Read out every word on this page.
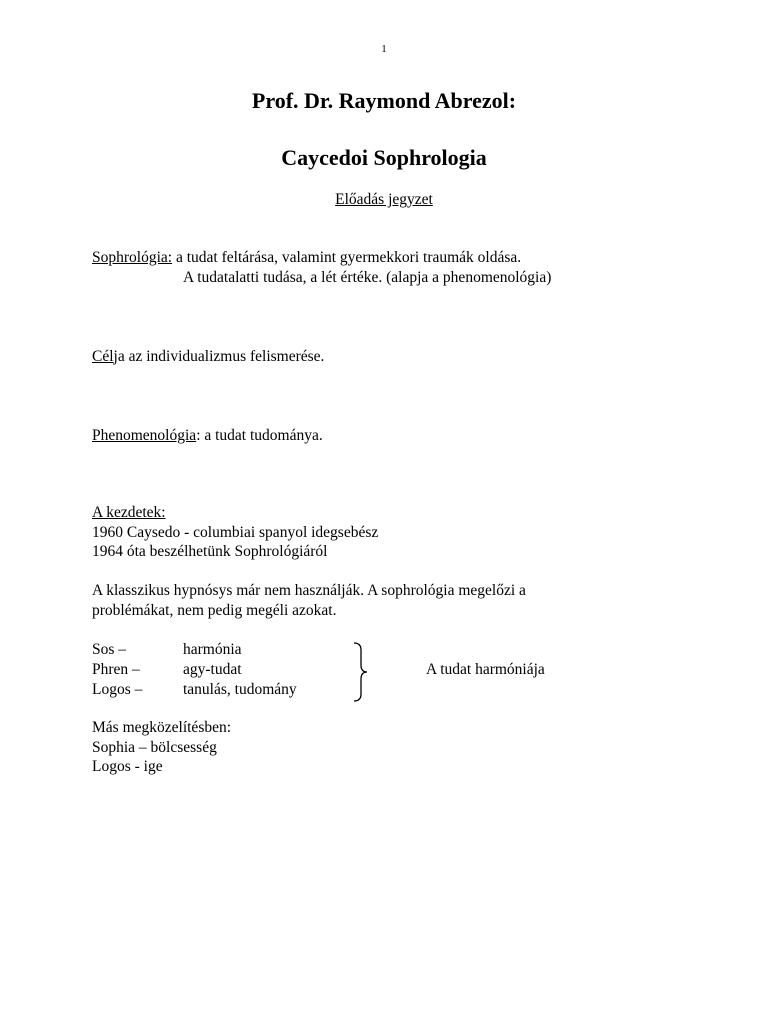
1
Prof. Dr. Raymond Abrezol:
Caycedoi Sophrologia
Előadás jegyzet
Sophrológia: a tudat feltárása, valamint gyermekkori traumák oldása.
A tudatalatti tudása, a lét értéke. (alapja a phenomenológia)
Célja az individualizmus felismerése.
Phenomenológia: a tudat tudománya.
A kezdetek:
1960 Caysedo - columbiai spanyol idegsebész
1964 óta beszélhetünk Sophrológiáról
A klasszikus hypnósys már nem használják. A sophrológia megelőzi a
problémákat, nem pedig megéli azokat.
Sos –	harmónia
Phren –	agy-tudat
Logos –	tanulás, tudomány
A tudat harmóniája
Más megközelítésben:
Sophia – bölcsesség
Logos - ige
